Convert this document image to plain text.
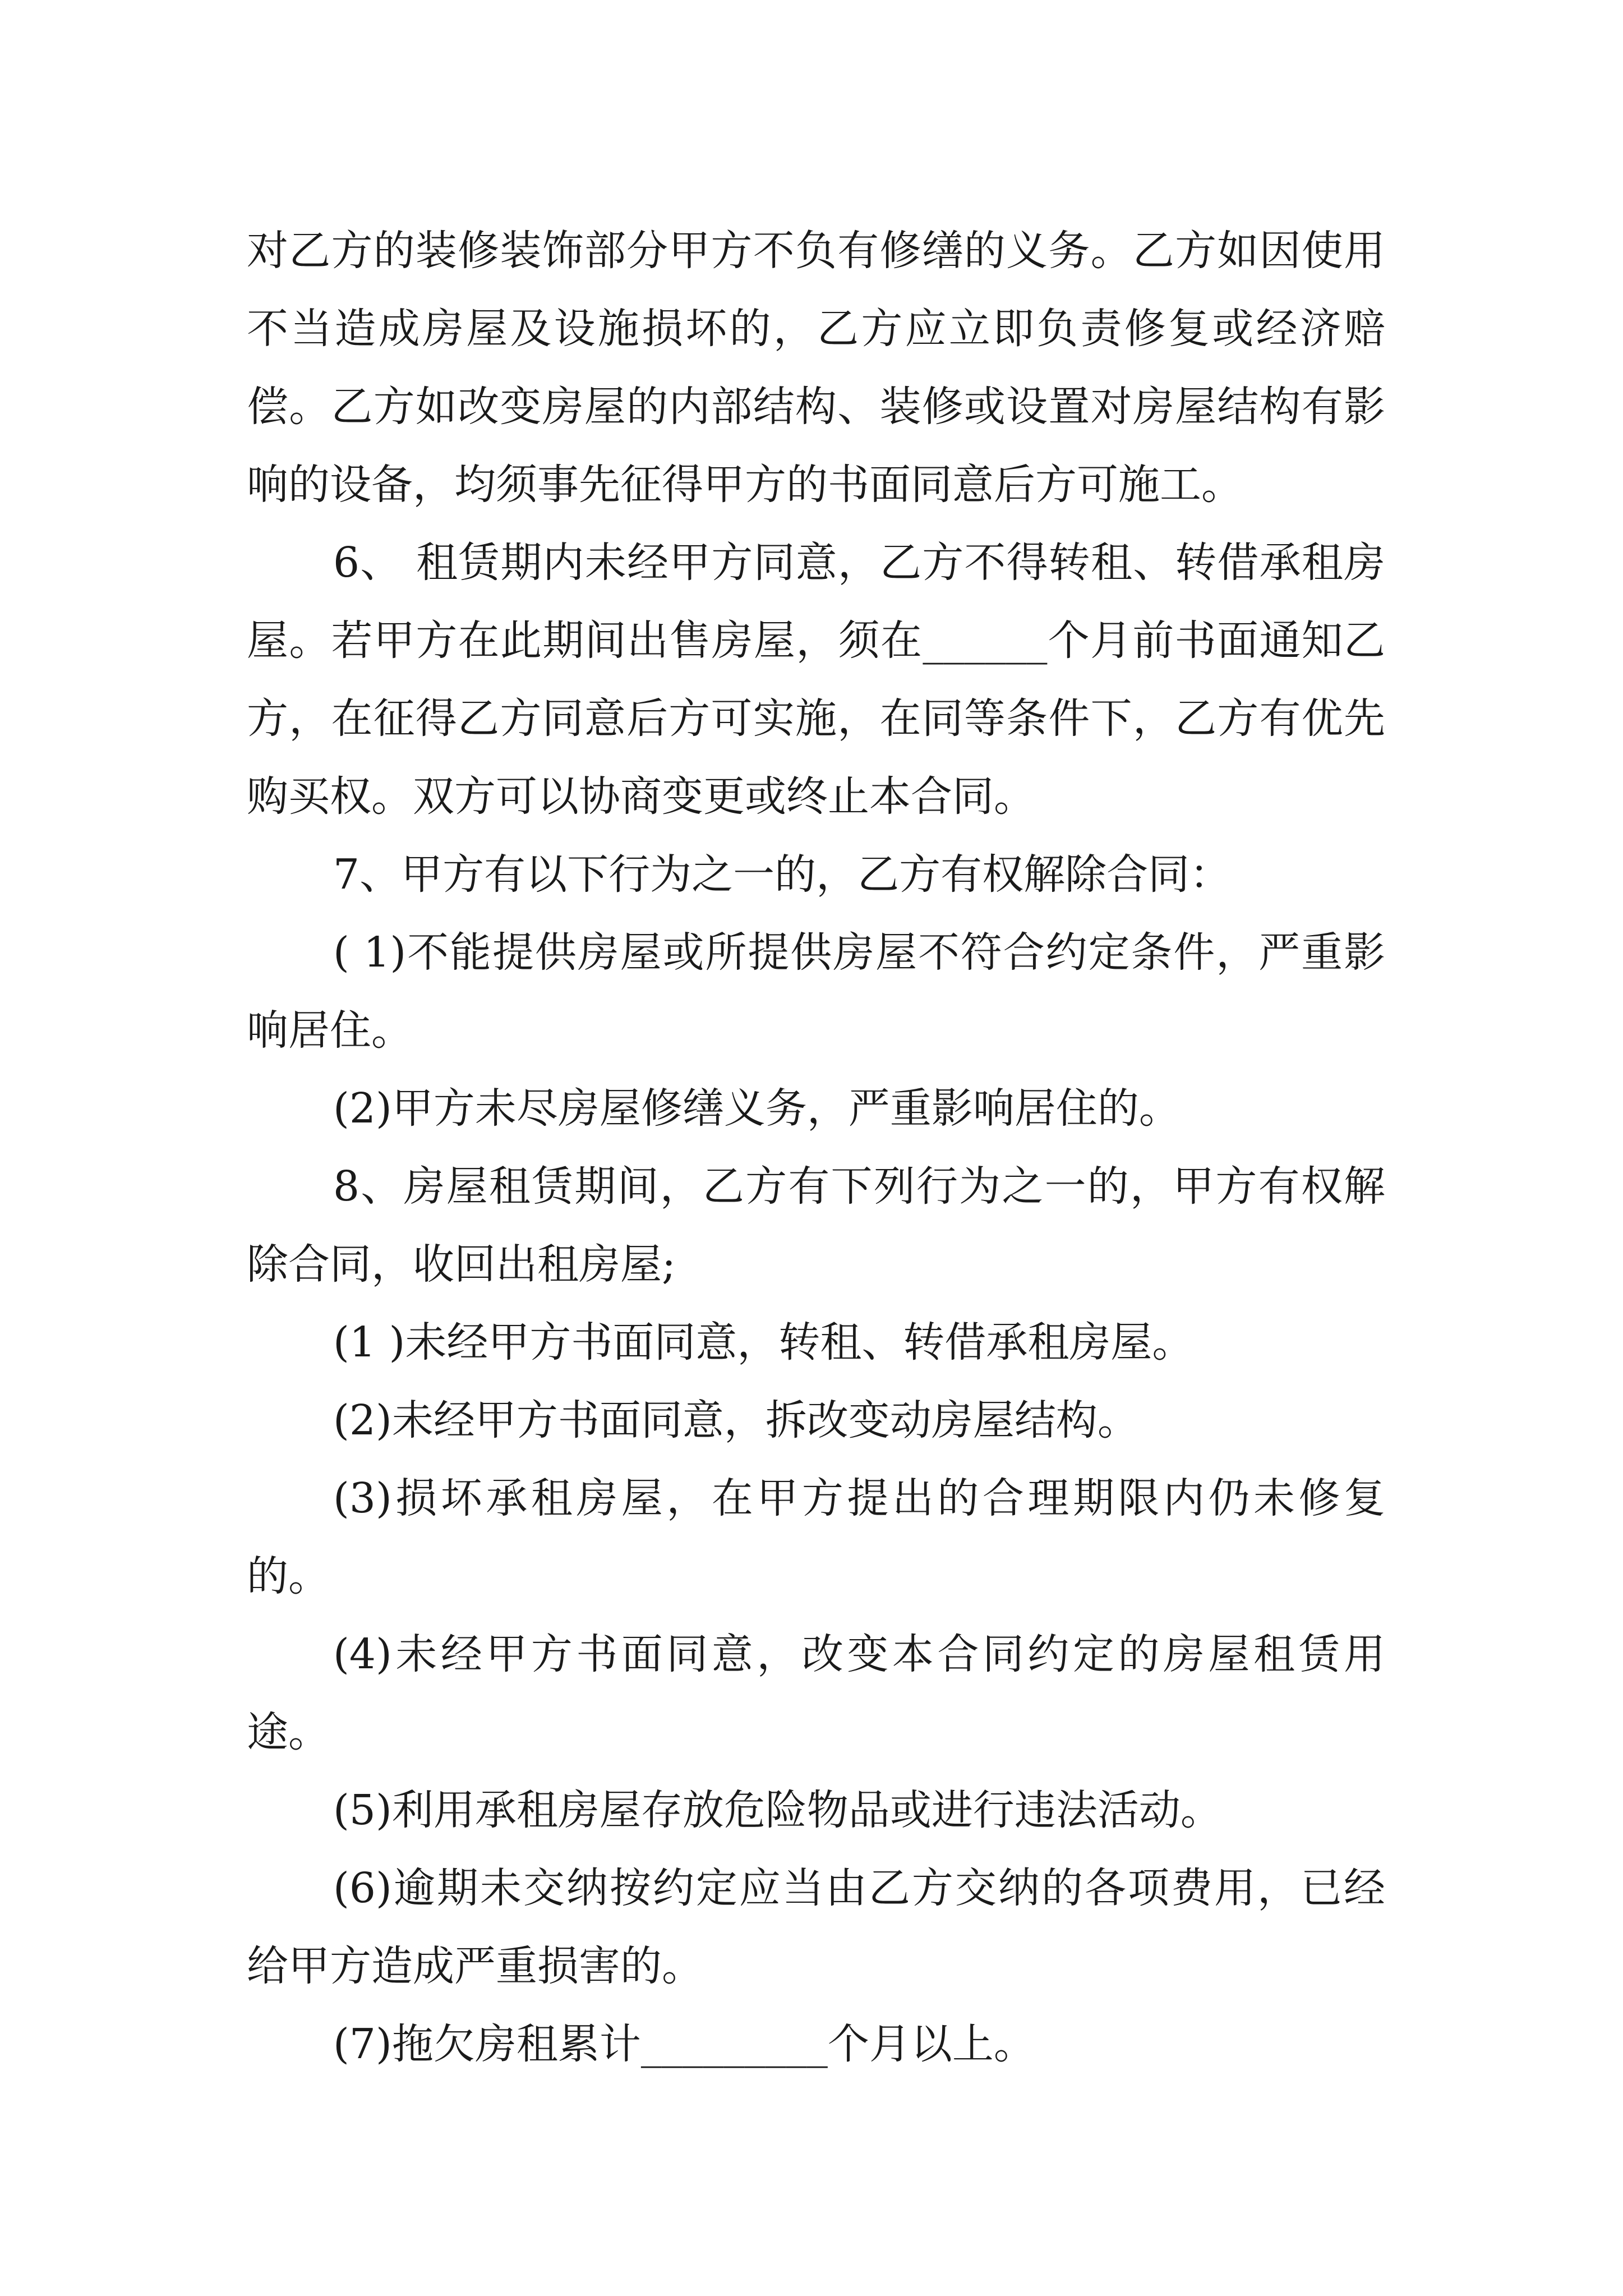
对乙方的装修装饰部分甲方不负有修缮的义务。乙方如因使用不当造成房屋及设施损坏的，乙方应立即负责修复或经济赔偿。乙方如改变房屋的内部结构、装修或设置对房屋结构有影响的设备，均须事先征得甲方的书面同意后方可施工。

6、 租赁期内未经甲方同意，乙方不得转租、转借承租房屋。若甲方在此期间出售房屋，须在______个月前书面通知乙方，在征得乙方同意后方可实施，在同等条件下，乙方有优先购买权。双方可以协商变更或终止本合同。

7、甲方有以下行为之一的，乙方有权解除合同：

( 1)不能提供房屋或所提供房屋不符合约定条件，严重影响居住。

(2)甲方未尽房屋修缮义务，严重影响居住的。

8、房屋租赁期间，乙方有下列行为之一的，甲方有权解除合同，收回出租房屋;

(1 )未经甲方书面同意，转租、转借承租房屋。

(2)未经甲方书面同意，拆改变动房屋结构。

(3)损坏承租房屋，在甲方提出的合理期限内仍未修复的。

(4)未经甲方书面同意，改变本合同约定的房屋租赁用途。

(5)利用承租房屋存放危险物品或进行违法活动。

(6)逾期未交纳按约定应当由乙方交纳的各项费用，已经给甲方造成严重损害的。

(7)拖欠房租累计_________个月以上。
